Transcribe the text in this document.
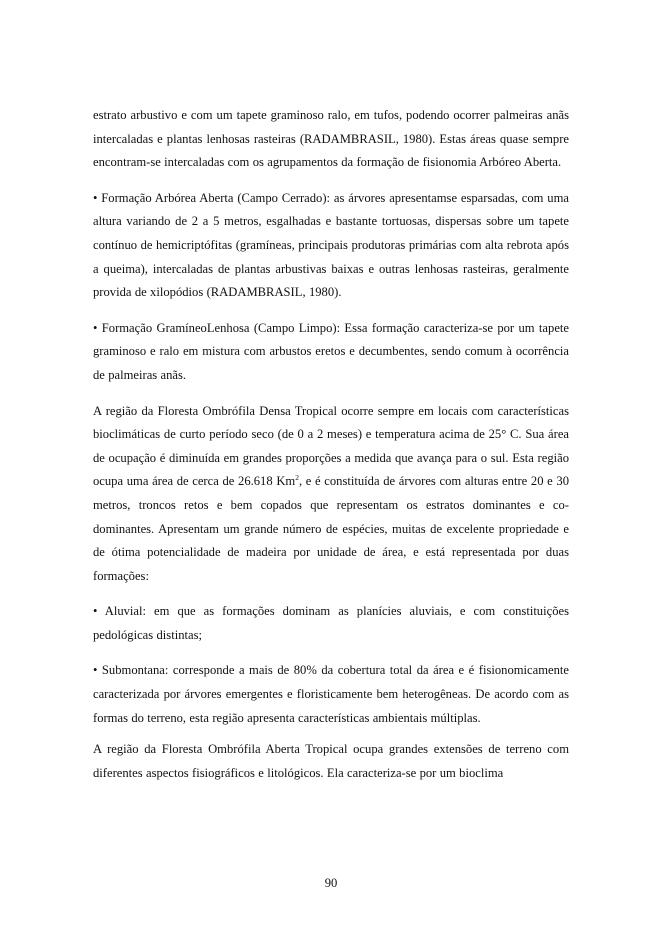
estrato arbustivo e com um tapete graminoso ralo, em tufos, podendo ocorrer palmeiras anãs intercaladas e plantas lenhosas rasteiras (RADAMBRASIL, 1980). Estas áreas quase sempre encontram-se intercaladas com os agrupamentos da formação de fisionomia Arbóreo Aberta.

• Formação Arbórea Aberta (Campo Cerrado): as árvores apresentamse esparsadas, com uma altura variando de 2 a 5 metros, esgalhadas e bastante tortuosas, dispersas sobre um tapete contínuo de hemicriptófitas (gramíneas, principais produtoras primárias com alta rebrota após a queima), intercaladas de plantas arbustivas baixas e outras lenhosas rasteiras, geralmente provida de xilopódios (RADAMBRASIL, 1980).

• Formação GramíneoLenhosa (Campo Limpo): Essa formação caracteriza-se por um tapete graminoso e ralo em mistura com arbustos eretos e decumbentes, sendo comum à ocorrência de palmeiras anãs.

A região da Floresta Ombrófila Densa Tropical ocorre sempre em locais com características bioclimáticas de curto período seco (de 0 a 2 meses) e temperatura acima de 25° C. Sua área de ocupação é diminuída em grandes proporções a medida que avança para o sul. Esta região ocupa uma área de cerca de 26.618 Km$^2$, e é constituída de árvores com alturas entre 20 e 30 metros, troncos retos e bem copados que representam os estratos dominantes e co-dominantes. Apresentam um grande número de espécies, muitas de excelente propriedade e de ótima potencialidade de madeira por unidade de área, e está representada por duas formações:

• Aluvial: em que as formações dominam as planícies aluviais, e com constituições pedológicas distintas;

• Submontana: corresponde a mais de 80% da cobertura total da área e é fisionomicamente caracterizada por árvores emergentes e floristicamente bem heterogêneas. De acordo com as formas do terreno, esta região apresenta características ambientais múltiplas.

A região da Floresta Ombrófila Aberta Tropical ocupa grandes extensões de terreno com diferentes aspectos fisiográficos e litológicos. Ela caracteriza-se por um bioclima

90
